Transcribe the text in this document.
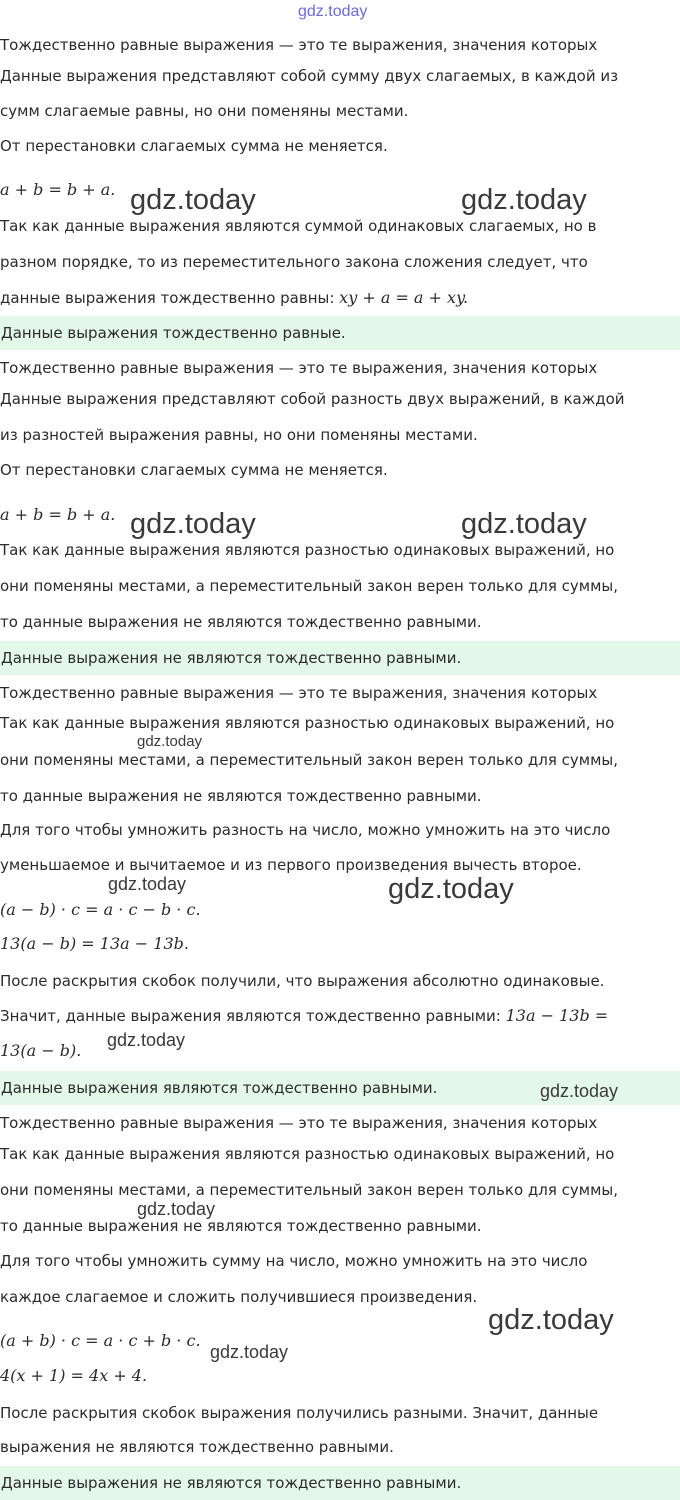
gdz.today

Тождественно равные выражения — это те выражения, значения которых

Данные выражения представляют собой сумму двух слагаемых, в каждой из

сумм слагаемые равны, но они поменяны местами.

От перестановки слагаемых сумма не меняется.

a + b = b + a.

Так как данные выражения являются суммой одинаковых слагаемых, но в

разном порядке, то из переместительного закона сложения следует, что

данные выражения тождественно равны: xy + a = a + xy.

Данные выражения тождественно равные.

Тождественно равные выражения — это те выражения, значения которых

Данные выражения представляют собой разность двух выражений, в каждой

из разностей выражения равны, но они поменяны местами.

От перестановки слагаемых сумма не меняется.

a + b = b + a.

Так как данные выражения являются разностью одинаковых выражений, но

они поменяны местами, а переместительный закон верен только для суммы,

то данные выражения не являются тождественно равными.

Данные выражения не являются тождественно равными.

Тождественно равные выражения — это те выражения, значения которых

Так как данные выражения являются разностью одинаковых выражений, но

они поменяны местами, а переместительный закон верен только для суммы,

то данные выражения не являются тождественно равными.

Для того чтобы умножить разность на число, можно умножить на это число

уменьшаемое и вычитаемое и из первого произведения вычесть второе.

(a − b) · c = a · c − b · c.

13(a − b) = 13a − 13b.

После раскрытия скобок получили, что выражения абсолютно одинаковые.

Значит, данные выражения являются тождественно равными: 13a − 13b =

13(a − b).

Данные выражения являются тождественно равными.

Тождественно равные выражения — это те выражения, значения которых

Так как данные выражения являются разностью одинаковых выражений, но

они поменяны местами, а переместительный закон верен только для суммы,

то данные выражения не являются тождественно равными.

Для того чтобы умножить сумму на число, можно умножить на это число

каждое слагаемое и сложить получившиеся произведения.

(a + b) · c = a · c + b · c.

4(x + 1) = 4x + 4.

После раскрытия скобок выражения получились разными. Значит, данные

выражения не являются тождественно равными.

Данные выражения не являются тождественно равными.
gdz.today	gdz.today
gdz.today	gdz.today
gdz.today
gdz.today	gdz.today
gdz.today
gdz.today
gdz.today
gdz.today
gdz.today
